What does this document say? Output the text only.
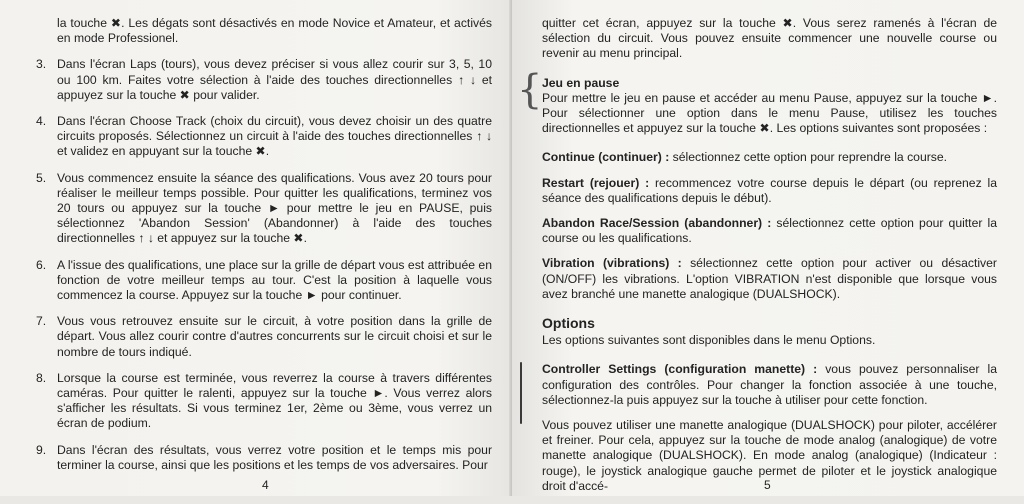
la touche ✖. Les dégats sont désactivés en mode Novice et Amateur, et activés en mode Professionel.
3. Dans l'écran Laps (tours), vous devez préciser si vous allez courir sur 3, 5, 10 ou 100 km. Faites votre sélection à l'aide des touches directionnelles ↑ ↓ et appuyez sur la touche ✖ pour valider.
4. Dans l'écran Choose Track (choix du circuit), vous devez choisir un des quatre circuits proposés. Sélectionnez un circuit à l'aide des touches directionnelles ↑ ↓ et validez en appuyant sur la touche ✖.
5. Vous commencez ensuite la séance des qualifications. Vous avez 20 tours pour réaliser le meilleur temps possible. Pour quitter les qualifications, terminez vos 20 tours ou appuyez sur la touche ► pour mettre le jeu en PAUSE, puis sélectionnez 'Abandon Session' (Abandonner) à l'aide des touches directionnelles ↑ ↓ et appuyez sur la touche ✖.
6. A l'issue des qualifications, une place sur la grille de départ vous est attribuée en fonction de votre meilleur temps au tour. C'est la position à laquelle vous commencez la course. Appuyez sur la touche ► pour continuer.
7. Vous vous retrouvez ensuite sur le circuit, à votre position dans la grille de départ. Vous allez courir contre d'autres concurrents sur le circuit choisi et sur le nombre de tours indiqué.
8. Lorsque la course est terminée, vous reverrez la course à travers différentes caméras. Pour quitter le ralenti, appuyez sur la touche ►. Vous verrez alors s'afficher les résultats. Si vous terminez 1er, 2ème ou 3ème, vous verrez un écran de podium.
9. Dans l'écran des résultats, vous verrez votre position et le temps mis pour terminer la course, ainsi que les positions et les temps de vos adversaires. Pour
4
{
quitter cet écran, appuyez sur la touche ✖. Vous serez ramenés à l'écran de sélection du circuit. Vous pouvez ensuite commencer une nouvelle course ou revenir au menu principal.
Jeu en pause
Pour mettre le jeu en pause et accéder au menu Pause, appuyez sur la touche ►. Pour sélectionner une option dans le menu Pause, utilisez les touches directionnelles et appuyez sur la touche ✖. Les options suivantes sont proposées :
Continue (continuer) : sélectionnez cette option pour reprendre la course.
Restart (rejouer) : recommencez votre course depuis le départ (ou reprenez la séance des qualifications depuis le début).
Abandon Race/Session (abandonner) : sélectionnez cette option pour quitter la course ou les qualifications.
Vibration (vibrations) : sélectionnez cette option pour activer ou désactiver (ON/OFF) les vibrations. L'option VIBRATION n'est disponible que lorsque vous avez branché une manette analogique (DUALSHOCK).
Options
Les options suivantes sont disponibles dans le menu Options.
Controller Settings (configuration manette) : vous pouvez personnaliser la configuration des contrôles. Pour changer la fonction associée à une touche, sélectionnez-la puis appuyez sur la touche à utiliser pour cette fonction.
Vous pouvez utiliser une manette analogique (DUALSHOCK) pour piloter, accélérer et freiner. Pour cela, appuyez sur la touche de mode analog (analogique) de votre manette analogique (DUALSHOCK). En mode analog (analogique) (Indicateur : rouge), le joystick analogique gauche permet de piloter et le joystick analogique droit d'accé-	5
